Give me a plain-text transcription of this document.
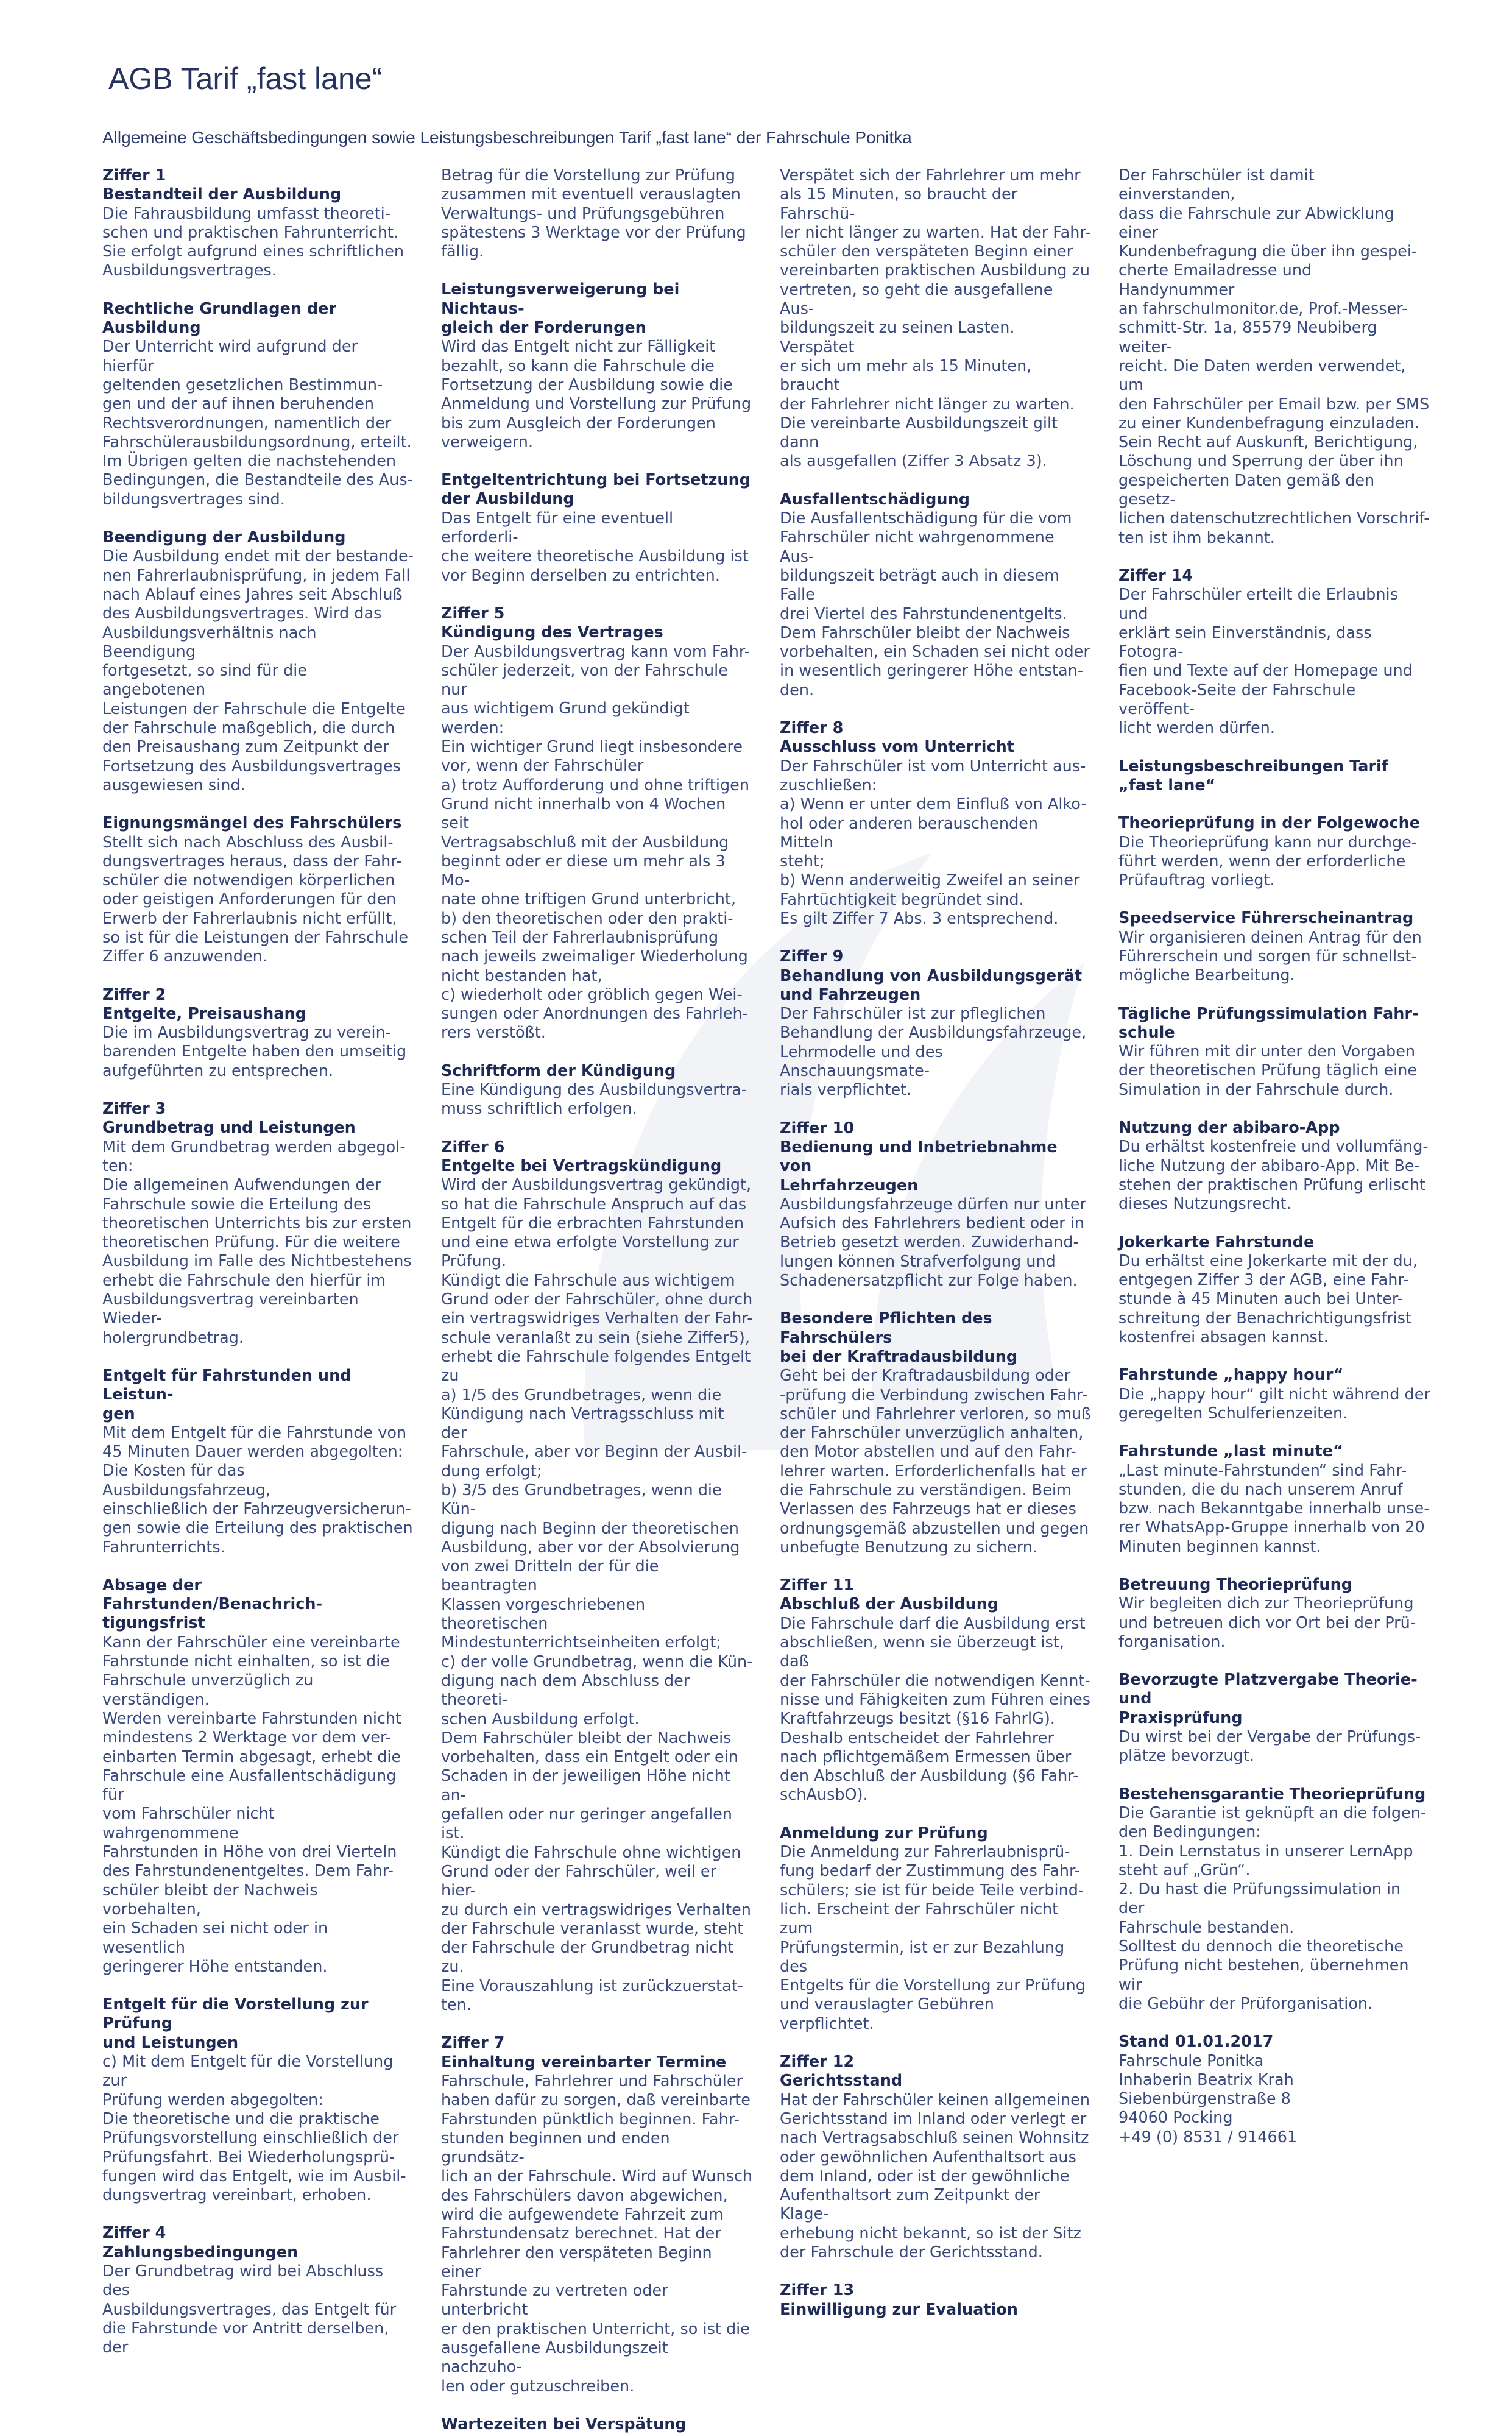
AGB Tarif „fast lane“

Allgemeine Geschäftsbedingungen sowie Leistungsbeschreibungen Tarif „fast lane“ der Fahrschule Ponitka

Ziffer 1
Bestandteil der Ausbildung
Die Fahrausbildung umfasst theoreti-
schen und praktischen Fahrunterricht.
Sie erfolgt aufgrund eines schriftlichen
Ausbildungsvertrages.
Rechtliche Grundlagen der Ausbildung
Der Unterricht wird aufgrund der hierfür
geltenden gesetzlichen Bestimmun-
gen und der auf ihnen beruhenden
Rechtsverordnungen, namentlich der
Fahrschülerausbildungsordnung, erteilt.
Im Übrigen gelten die nachstehenden
Bedingungen, die Bestandteile des Aus-
bildungsvertrages sind.
Beendigung der Ausbildung
Die Ausbildung endet mit der bestande-
nen Fahrerlaubnisprüfung, in jedem Fall
nach Ablauf eines Jahres seit Abschluß
des Ausbildungsvertrages. Wird das
Ausbildungsverhältnis nach Beendigung
fortgesetzt, so sind für die angebotenen
Leistungen der Fahrschule die Entgelte
der Fahrschule maßgeblich, die durch
den Preisaushang zum Zeitpunkt der
Fortsetzung des Ausbildungsvertrages
ausgewiesen sind.
Eignungsmängel des Fahrschülers
Stellt sich nach Abschluss des Ausbil-
dungsvertrages heraus, dass der Fahr-
schüler die notwendigen körperlichen
oder geistigen Anforderungen für den
Erwerb der Fahrerlaubnis nicht erfüllt,
so ist für die Leistungen der Fahrschule
Ziffer 6 anzuwenden.
Ziffer 2
Entgelte, Preisaushang
Die im Ausbildungsvertrag zu verein-
barenden Entgelte haben den umseitig
aufgeführten zu entsprechen.
Ziffer 3
Grundbetrag und Leistungen
Mit dem Grundbetrag werden abgegol-
ten:
Die allgemeinen Aufwendungen der
Fahrschule sowie die Erteilung des
theoretischen Unterrichts bis zur ersten
theoretischen Prüfung. Für die weitere
Ausbildung im Falle des Nichtbestehens
erhebt die Fahrschule den hierfür im
Ausbildungsvertrag vereinbarten Wieder-
holergrundbetrag.
Entgelt für Fahrstunden und Leistun-
gen
Mit dem Entgelt für die Fahrstunde von
45 Minuten Dauer werden abgegolten:
Die Kosten für das Ausbildungsfahrzeug,
einschließlich der Fahrzeugversicherun-
gen sowie die Erteilung des praktischen
Fahrunterrichts.
Absage der Fahrstunden/Benachrich-
tigungsfrist
Kann der Fahrschüler eine vereinbarte
Fahrstunde nicht einhalten, so ist die
Fahrschule unverzüglich zu verständigen.
Werden vereinbarte Fahrstunden nicht
mindestens 2 Werktage vor dem ver-
einbarten Termin abgesagt, erhebt die
Fahrschule eine Ausfallentschädigung für
vom Fahrschüler nicht wahrgenommene
Fahrstunden in Höhe von drei Vierteln
des Fahrstundenentgeltes. Dem Fahr-
schüler bleibt der Nachweis vorbehalten,
ein Schaden sei nicht oder in wesentlich
geringerer Höhe entstanden.
Entgelt für die Vorstellung zur Prüfung
und Leistungen
c) Mit dem Entgelt für die Vorstellung zur
Prüfung werden abgegolten:
Die theoretische und die praktische
Prüfungsvorstellung einschließlich der
Prüfungsfahrt. Bei Wiederholungsprü-
fungen wird das Entgelt, wie im Ausbil-
dungsvertrag vereinbart, erhoben.
Ziffer 4
Zahlungsbedingungen
Der Grundbetrag wird bei Abschluss des
Ausbildungsvertrages, das Entgelt für
die Fahrstunde vor Antritt derselben, der
Betrag für die Vorstellung zur Prüfung
zusammen mit eventuell verauslagten
Verwaltungs- und Prüfungsgebühren
spätestens 3 Werktage vor der Prüfung
fällig.
Leistungsverweigerung bei Nichtaus-
gleich der Forderungen
Wird das Entgelt nicht zur Fälligkeit
bezahlt, so kann die Fahrschule die
Fortsetzung der Ausbildung sowie die
Anmeldung und Vorstellung zur Prüfung
bis zum Ausgleich der Forderungen
verweigern.
Entgeltentrichtung bei Fortsetzung
der Ausbildung
Das Entgelt für eine eventuell erforderli-
che weitere theoretische Ausbildung ist
vor Beginn derselben zu entrichten.
Ziffer 5
Kündigung des Vertrages
Der Ausbildungsvertrag kann vom Fahr-
schüler jederzeit, von der Fahrschule nur
aus wichtigem Grund gekündigt werden:
Ein wichtiger Grund liegt insbesondere
vor, wenn der Fahrschüler
a) trotz Aufforderung und ohne triftigen
Grund nicht innerhalb von 4 Wochen seit
Vertragsabschluß mit der Ausbildung
beginnt oder er diese um mehr als 3 Mo-
nate ohne triftigen Grund unterbricht,
b) den theoretischen oder den prakti-
schen Teil der Fahrerlaubnisprüfung
nach jeweils zweimaliger Wiederholung
nicht bestanden hat,
c) wiederholt oder gröblich gegen Wei-
sungen oder Anordnungen des Fahrleh-
rers verstößt.
Schriftform der Kündigung
Eine Kündigung des Ausbildungsvertra-
muss schriftlich erfolgen.
Ziffer 6
Entgelte bei Vertragskündigung
Wird der Ausbildungsvertrag gekündigt,
so hat die Fahrschule Anspruch auf das
Entgelt für die erbrachten Fahrstunden
und eine etwa erfolgte Vorstellung zur
Prüfung.
Kündigt die Fahrschule aus wichtigem
Grund oder der Fahrschüler, ohne durch
ein vertragswidriges Verhalten der Fahr-
schule veranlaßt zu sein (siehe Ziffer5),
erhebt die Fahrschule folgendes Entgelt zu
a) 1/5 des Grundbetrages, wenn die
Kündigung nach Vertragsschluss mit der
Fahrschule, aber vor Beginn der Ausbil-
dung erfolgt;
b) 3/5 des Grundbetrages, wenn die Kün-
digung nach Beginn der theoretischen
Ausbildung, aber vor der Absolvierung
von zwei Dritteln der für die beantragten
Klassen vorgeschriebenen theoretischen
Mindestunterrichtseinheiten erfolgt;
c) der volle Grundbetrag, wenn die Kün-
digung nach dem Abschluss der theoreti-
schen Ausbildung erfolgt.
Dem Fahrschüler bleibt der Nachweis
vorbehalten, dass ein Entgelt oder ein
Schaden in der jeweiligen Höhe nicht an-
gefallen oder nur geringer angefallen ist.
Kündigt die Fahrschule ohne wichtigen
Grund oder der Fahrschüler, weil er hier-
zu durch ein vertragswidriges Verhalten
der Fahrschule veranlasst wurde, steht
der Fahrschule der Grundbetrag nicht zu.
Eine Vorauszahlung ist zurückzuerstat-
ten.
Ziffer 7
Einhaltung vereinbarter Termine
Fahrschule, Fahrlehrer und Fahrschüler
haben dafür zu sorgen, daß vereinbarte
Fahrstunden pünktlich beginnen. Fahr-
stunden beginnen und enden grundsätz-
lich an der Fahrschule. Wird auf Wunsch
des Fahrschülers davon abgewichen,
wird die aufgewendete Fahrzeit zum
Fahrstundensatz berechnet. Hat der
Fahrlehrer den verspäteten Beginn einer
Fahrstunde zu vertreten oder unterbricht
er den praktischen Unterricht, so ist die
ausgefallene Ausbildungszeit nachzuho-
len oder gutzuschreiben.
Wartezeiten bei Verspätung
Verspätet sich der Fahrlehrer um mehr
als 15 Minuten, so braucht der Fahrschü-
ler nicht länger zu warten. Hat der Fahr-
schüler den verspäteten Beginn einer
vereinbarten praktischen Ausbildung zu
vertreten, so geht die ausgefallene Aus-
bildungszeit zu seinen Lasten. Verspätet
er sich um mehr als 15 Minuten, braucht
der Fahrlehrer nicht länger zu warten.
Die vereinbarte Ausbildungszeit gilt dann
als ausgefallen (Ziffer 3 Absatz 3).
Ausfallentschädigung
Die Ausfallentschädigung für die vom
Fahrschüler nicht wahrgenommene Aus-
bildungszeit beträgt auch in diesem Falle
drei Viertel des Fahrstundenentgelts.
Dem Fahrschüler bleibt der Nachweis
vorbehalten, ein Schaden sei nicht oder
in wesentlich geringerer Höhe entstan-
den.
Ziffer 8
Ausschluss vom Unterricht
Der Fahrschüler ist vom Unterricht aus-
zuschließen:
a) Wenn er unter dem Einfluß von Alko-
hol oder anderen berauschenden Mitteln
steht;
b) Wenn anderweitig Zweifel an seiner
Fahrtüchtigkeit begründet sind.
Es gilt Ziffer 7 Abs. 3 entsprechend.
Ziffer 9
Behandlung von Ausbildungsgerät
und Fahrzeugen
Der Fahrschüler ist zur pfleglichen
Behandlung der Ausbildungsfahrzeuge,
Lehrmodelle und des Anschauungsmate-
rials verpflichtet.
Ziffer 10
Bedienung und Inbetriebnahme von
Lehrfahrzeugen
Ausbildungsfahrzeuge dürfen nur unter
Aufsich des Fahrlehrers bedient oder in
Betrieb gesetzt werden. Zuwiderhand-
lungen können Strafverfolgung und
Schadenersatzpflicht zur Folge haben.
Besondere Pflichten des Fahrschülers
bei der Kraftradausbildung
Geht bei der Kraftradausbildung oder
-prüfung die Verbindung zwischen Fahr-
schüler und Fahrlehrer verloren, so muß
der Fahrschüler unverzüglich anhalten,
den Motor abstellen und auf den Fahr-
lehrer warten. Erforderlichenfalls hat er
die Fahrschule zu verständigen. Beim
Verlassen des Fahrzeugs hat er dieses
ordnungsgemäß abzustellen und gegen
unbefugte Benutzung zu sichern.
Ziffer 11
Abschluß der Ausbildung
Die Fahrschule darf die Ausbildung erst
abschließen, wenn sie überzeugt ist, daß
der Fahrschüler die notwendigen Kennt-
nisse und Fähigkeiten zum Führen eines
Kraftfahrzeugs besitzt (§16 FahrlG).
Deshalb entscheidet der Fahrlehrer
nach pflichtgemäßem Ermessen über
den Abschluß der Ausbildung (§6 Fahr-
schAusbO).
Anmeldung zur Prüfung
Die Anmeldung zur Fahrerlaubnisprü-
fung bedarf der Zustimmung des Fahr-
schülers; sie ist für beide Teile verbind-
lich. Erscheint der Fahrschüler nicht zum
Prüfungstermin, ist er zur Bezahlung des
Entgelts für die Vorstellung zur Prüfung
und verauslagter Gebühren verpflichtet.
Ziffer 12
Gerichtsstand
Hat der Fahrschüler keinen allgemeinen
Gerichtsstand im Inland oder verlegt er
nach Vertragsabschluß seinen Wohnsitz
oder gewöhnlichen Aufenthaltsort aus
dem Inland, oder ist der gewöhnliche
Aufenthaltsort zum Zeitpunkt der Klage-
erhebung nicht bekannt, so ist der Sitz
der Fahrschule der Gerichtsstand.
Ziffer 13
Einwilligung zur Evaluation
Der Fahrschüler ist damit einverstanden,
dass die Fahrschule zur Abwicklung einer
Kundenbefragung die über ihn gespei-
cherte Emailadresse und Handynummer
an fahrschulmonitor.de, Prof.-Messer-
schmitt-Str. 1a, 85579 Neubiberg weiter-
reicht. Die Daten werden verwendet, um
den Fahrschüler per Email bzw. per SMS
zu einer Kundenbefragung einzuladen.
Sein Recht auf Auskunft, Berichtigung,
Löschung und Sperrung der über ihn
gespeicherten Daten gemäß den gesetz-
lichen datenschutzrechtlichen Vorschrif-
ten ist ihm bekannt.
Ziffer 14
Der Fahrschüler erteilt die Erlaubnis und
erklärt sein Einverständnis, dass Fotogra-
fien und Texte auf der Homepage und
Facebook-Seite der Fahrschule veröffent-
licht werden dürfen.
Leistungsbeschreibungen Tarif
„fast lane“
Theorieprüfung in der Folgewoche
Die Theorieprüfung kann nur durchge-
führt werden, wenn der erforderliche
Prüfauftrag vorliegt.
Speedservice Führerscheinantrag
Wir organisieren deinen Antrag für den
Führerschein und sorgen für schnellst-
mögliche Bearbeitung.
Tägliche Prüfungssimulation Fahr-
schule
Wir führen mit dir unter den Vorgaben
der theoretischen Prüfung täglich eine
Simulation in der Fahrschule durch.
Nutzung der abibaro-App
Du erhältst kostenfreie und vollumfäng-
liche Nutzung der abibaro-App. Mit Be-
stehen der praktischen Prüfung erlischt
dieses Nutzungsrecht.
Jokerkarte Fahrstunde
Du erhältst eine Jokerkarte mit der du,
entgegen Ziffer 3 der AGB, eine Fahr-
stunde à 45 Minuten auch bei Unter-
schreitung der Benachrichtigungsfrist
kostenfrei absagen kannst.
Fahrstunde „happy hour“
Die „happy hour“ gilt nicht während der
geregelten Schulferienzeiten.
Fahrstunde „last minute“
„Last minute-Fahrstunden“ sind Fahr-
stunden, die du nach unserem Anruf
bzw. nach Bekanntgabe innerhalb unse-
rer WhatsApp-Gruppe innerhalb von 20
Minuten beginnen kannst.
Betreuung Theorieprüfung
Wir begleiten dich zur Theorieprüfung
und betreuen dich vor Ort bei der Prü-
forganisation.
Bevorzugte Platzvergabe Theorie- und
Praxisprüfung
Du wirst bei der Vergabe der Prüfungs-
plätze bevorzugt.
Bestehensgarantie Theorieprüfung
Die Garantie ist geknüpft an die folgen-
den Bedingungen:
1. Dein Lernstatus in unserer LernApp
steht auf „Grün“.
2. Du hast die Prüfungssimulation in der
Fahrschule bestanden.
Solltest du dennoch die theoretische
Prüfung nicht bestehen, übernehmen wir
die Gebühr der Prüforganisation.
Stand 01.01.2017
Fahrschule Ponitka
Inhaberin Beatrix Krah
Siebenbürgenstraße 8
94060 Pocking
+49 (0) 8531 / 914661
